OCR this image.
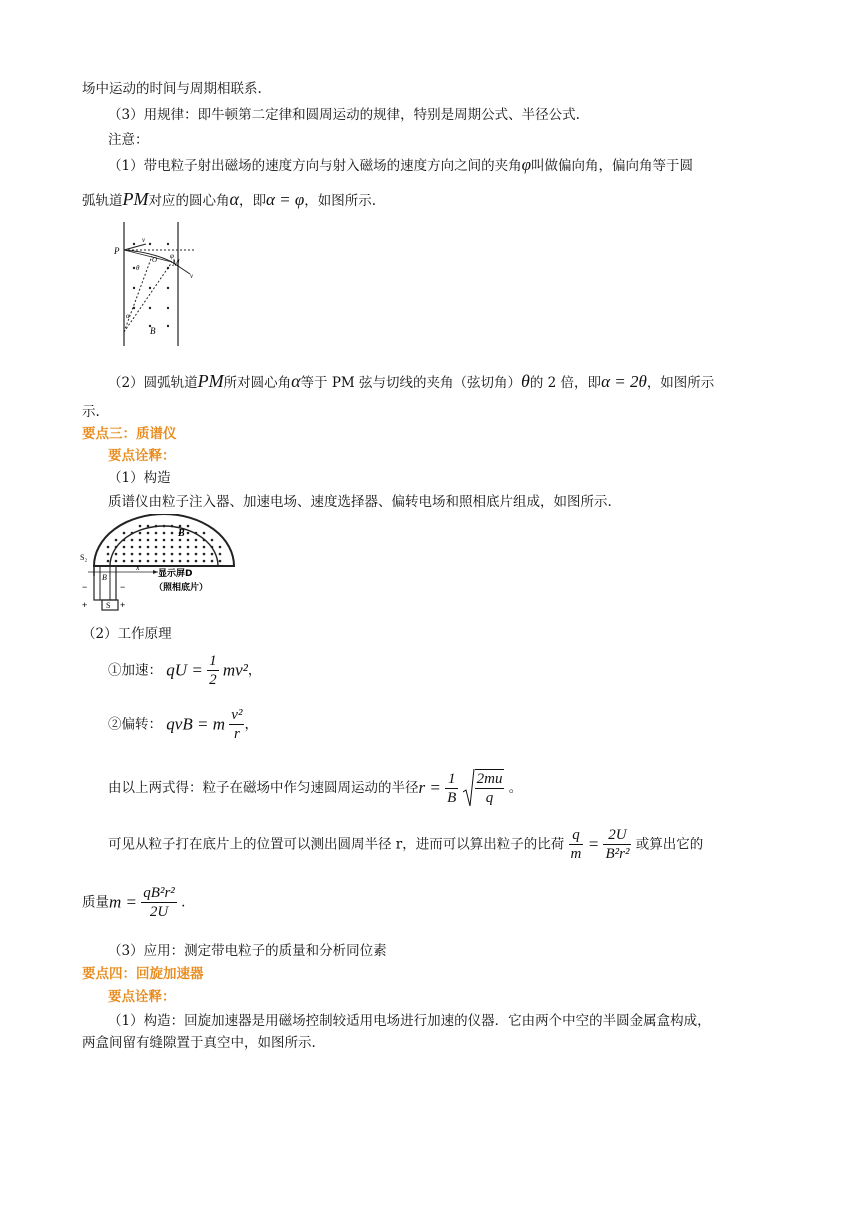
场中运动的时间与周期相联系.
（3）用规律：即牛顿第二定律和圆周运动的规律，特别是周期公式、半径公式.
注意：
（1）带电粒子射出磁场的速度方向与射入磁场的速度方向之间的夹角φ叫做偏向角，偏向角等于圆
弧轨道PM对应的圆心角α，即α = φ，如图所示.
P
v
M
v
θ
φ
O
α
B
（2）圆弧轨道PM所对圆心角α等于 PM 弦与切线的夹角（弦切角）θ的 2 倍，即α = 2θ，如图所示
示.
要点三：质谱仪
要点诠释：
（1）构造
质谱仪由粒子注入器、加速电场、速度选择器、偏转电场和照相底片组成，如图所示.
B
S₂
B
x
显示屏D
（照相底片）
S
−	−
+	+
（2）工作原理
①加速： qU = $\frac{1}{2} mv^2$，
②偏转： qvB = m $\frac{\text{v²}}{r}$ ，
由以上两式得：粒子在磁场中作匀速圆周运动的半径$r = \frac{1}{B}$
$\frac{2mu}{q}$ 。
可见从粒子打在底片上的位置可以测出圆周半径 r，进而可以算出粒子的比荷 $\frac{q}{m} = \frac{2U}{\text{B²r²}}$ 或算出它的
质量$m = \frac{\text{qB²r²}}{2U}$ .
（3）应用：测定带电粒子的质量和分析同位素
要点四：回旋加速器
要点诠释：
（1）构造：回旋加速器是用磁场控制较适用电场进行加速的仪器．它由两个中空的半圆金属盒构成，
两盒间留有缝隙置于真空中，如图所示.
